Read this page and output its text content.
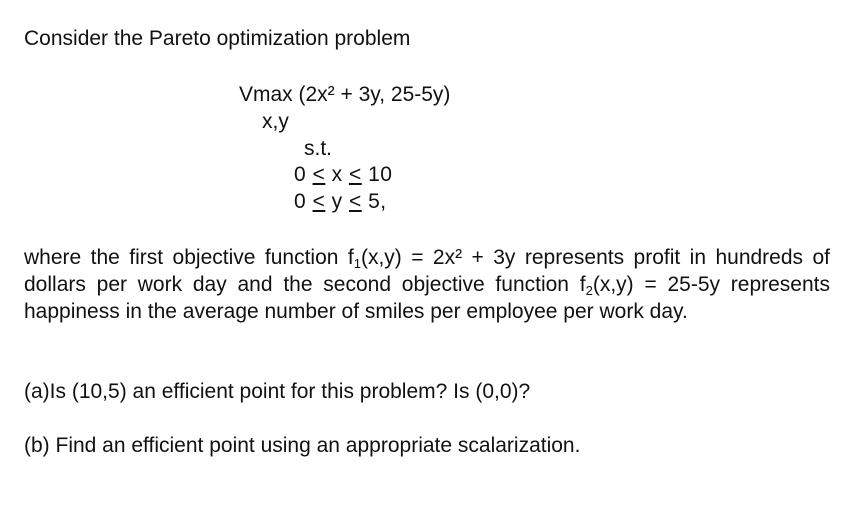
Consider the Pareto optimization problem
Vmax (2x² + 3y, 25-5y)
x,y
s.t.
0 < x < 10
0 < y < 5,
where the first objective function $f_1(x,y) = 2x^2 + 3y$ represents profit in hundreds of dollars per work day and the second objective function $f_2(x,y) = 25-5y$ represents happiness in the average number of smiles per employee per work day.
(a)Is (10,5) an efficient point for this problem? Is (0,0)?
(b) Find an efficient point using an appropriate scalarization.
